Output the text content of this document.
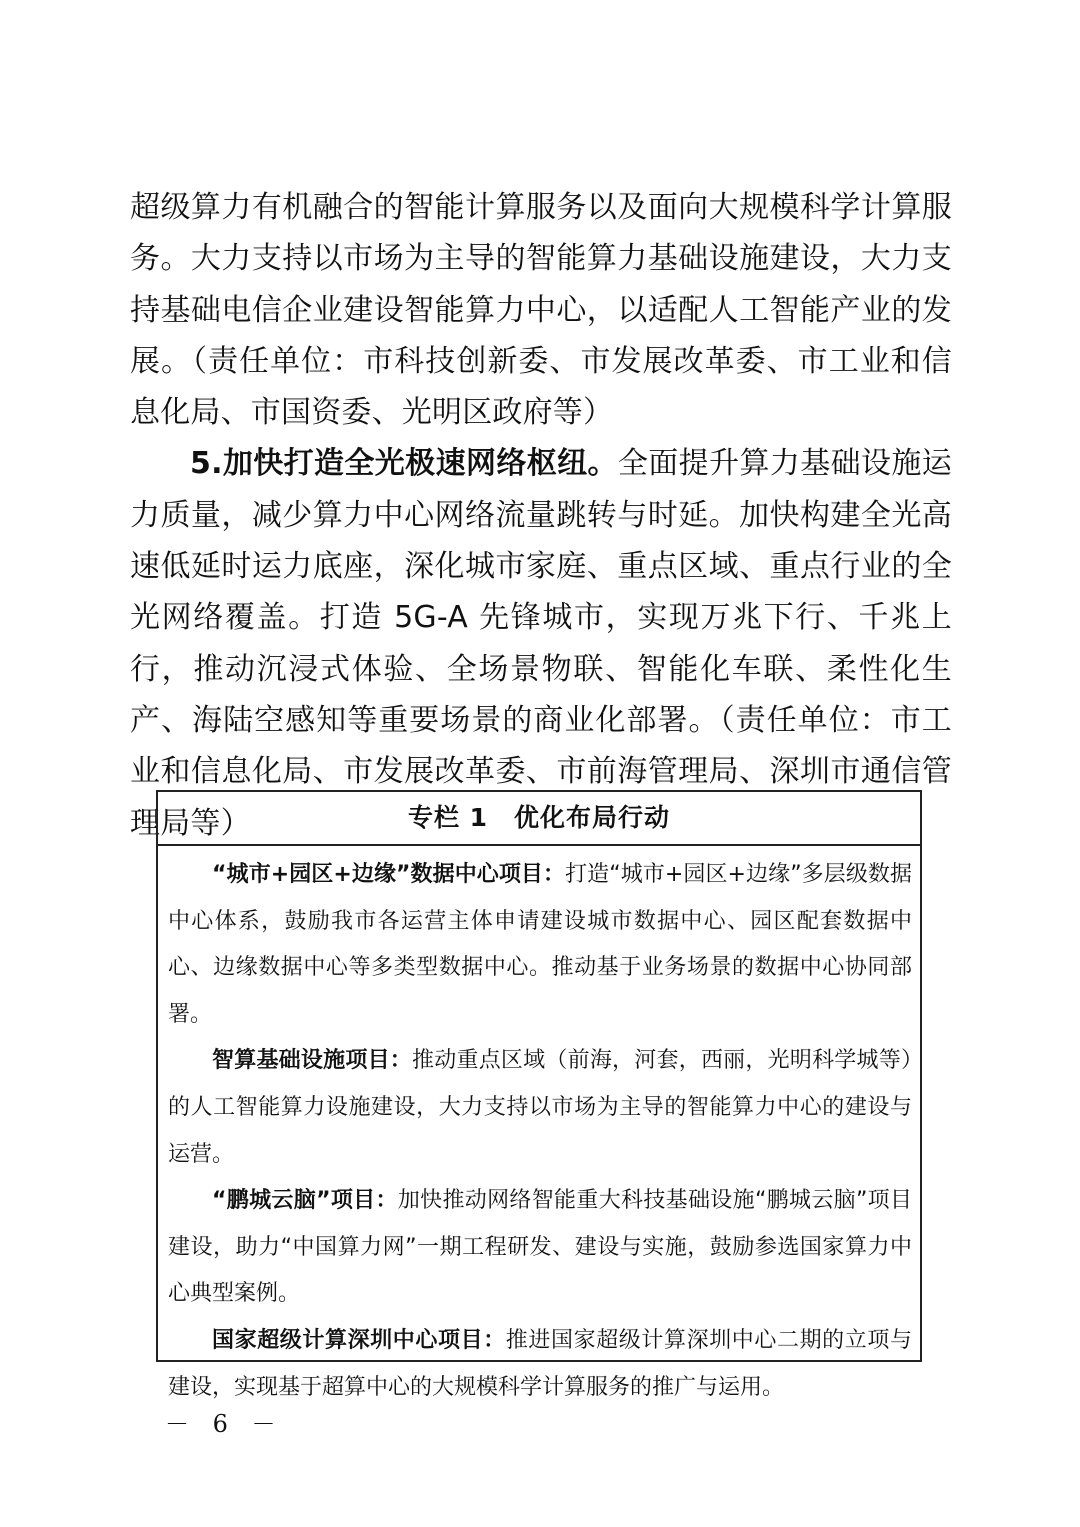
超级算力有机融合的智能计算服务以及面向大规模科学计算服务。大力支持以市场为主导的智能算力基础设施建设，大力支持基础电信企业建设智能算力中心，以适配人工智能产业的发展。（责任单位：市科技创新委、市发展改革委、市工业和信息化局、市国资委、光明区政府等）

5.加快打造全光极速网络枢纽。全面提升算力基础设施运力质量，减少算力中心网络流量跳转与时延。加快构建全光高速低延时运力底座，深化城市家庭、重点区域、重点行业的全光网络覆盖。打造 5G-A 先锋城市，实现万兆下行、千兆上行，推动沉浸式体验、全场景物联、智能化车联、柔性化生产、海陆空感知等重要场景的商业化部署。（责任单位：市工业和信息化局、市发展改革委、市前海管理局、深圳市通信管理局等）	专栏 1 优化布局行动

“城市+园区+边缘”数据中心项目：打造“城市+园区+边缘”多层级数据中心体系，鼓励我市各运营主体申请建设城市数据中心、园区配套数据中心、边缘数据中心等多类型数据中心。推动基于业务场景的数据中心协同部署。

智算基础设施项目：推动重点区域（前海，河套，西丽，光明科学城等）的人工智能算力设施建设，大力支持以市场为主导的智能算力中心的建设与运营。

“鹏城云脑”项目：加快推动网络智能重大科技基础设施“鹏城云脑”项目建设，助力“中国算力网”一期工程研发、建设与实施，鼓励参选国家算力中心典型案例。

国家超级计算深圳中心项目：推进国家超级计算深圳中心二期的立项与建设，实现基于超算中心的大规模科学计算服务的推广与运用。

－ 6 －
